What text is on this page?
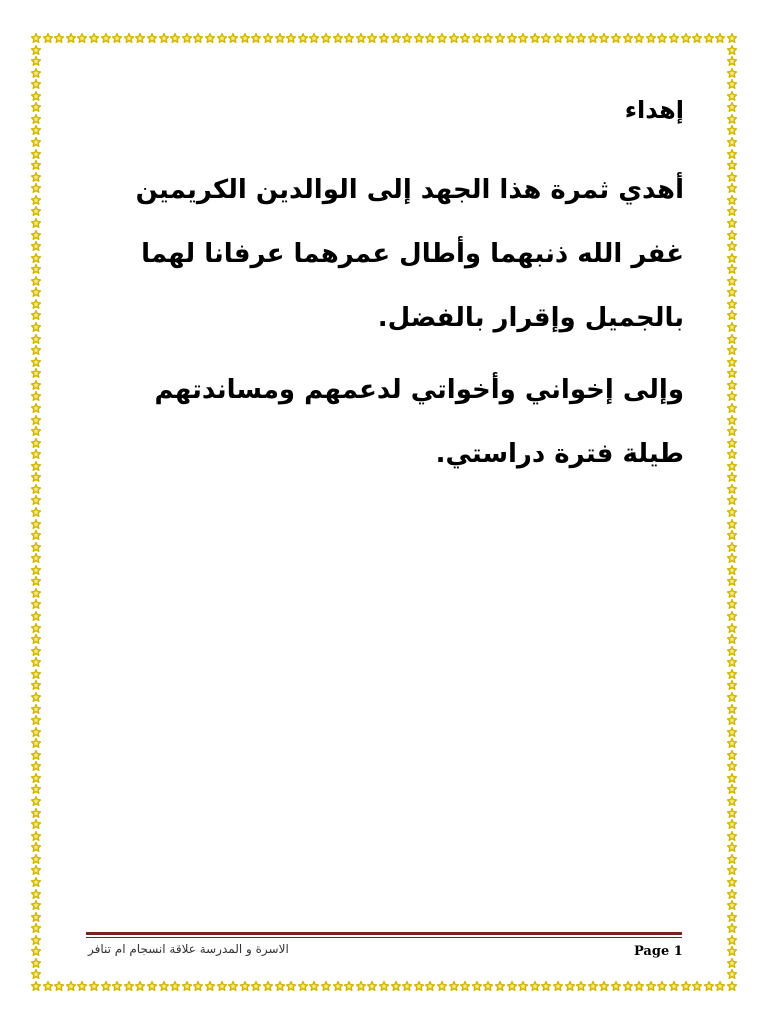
إهداء

أهدي ثمرة هذا الجهد إلى الوالدين الكريمين غفر الله ذنبهما وأطال عمرهما عرفانا لهما بالجميل وإقرار بالفضل.

وإلى إخواني وأخواتي لدعمهم ومساندتهم طيلة فترة دراستي.

الاسرة و المدرسة علاقة انسجام ام تنافر	Page 1
